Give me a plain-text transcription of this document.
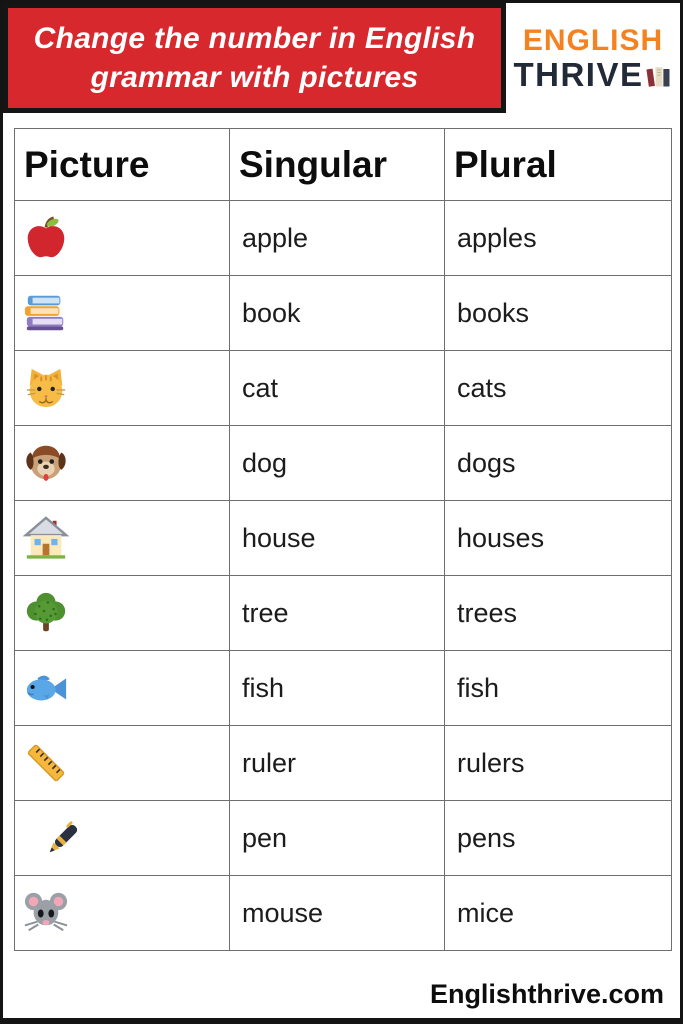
Change the number in English
grammar with pictures
ENGLISH
THRIVE
Picture	Singular	Plural

	apple	apples

	book	books

	cat	cats

	dog	dogs

	house	houses

	tree	trees

	fish	fish

	ruler	rulers

	pen	pens

	mouse	mice
Englishthrive.com
